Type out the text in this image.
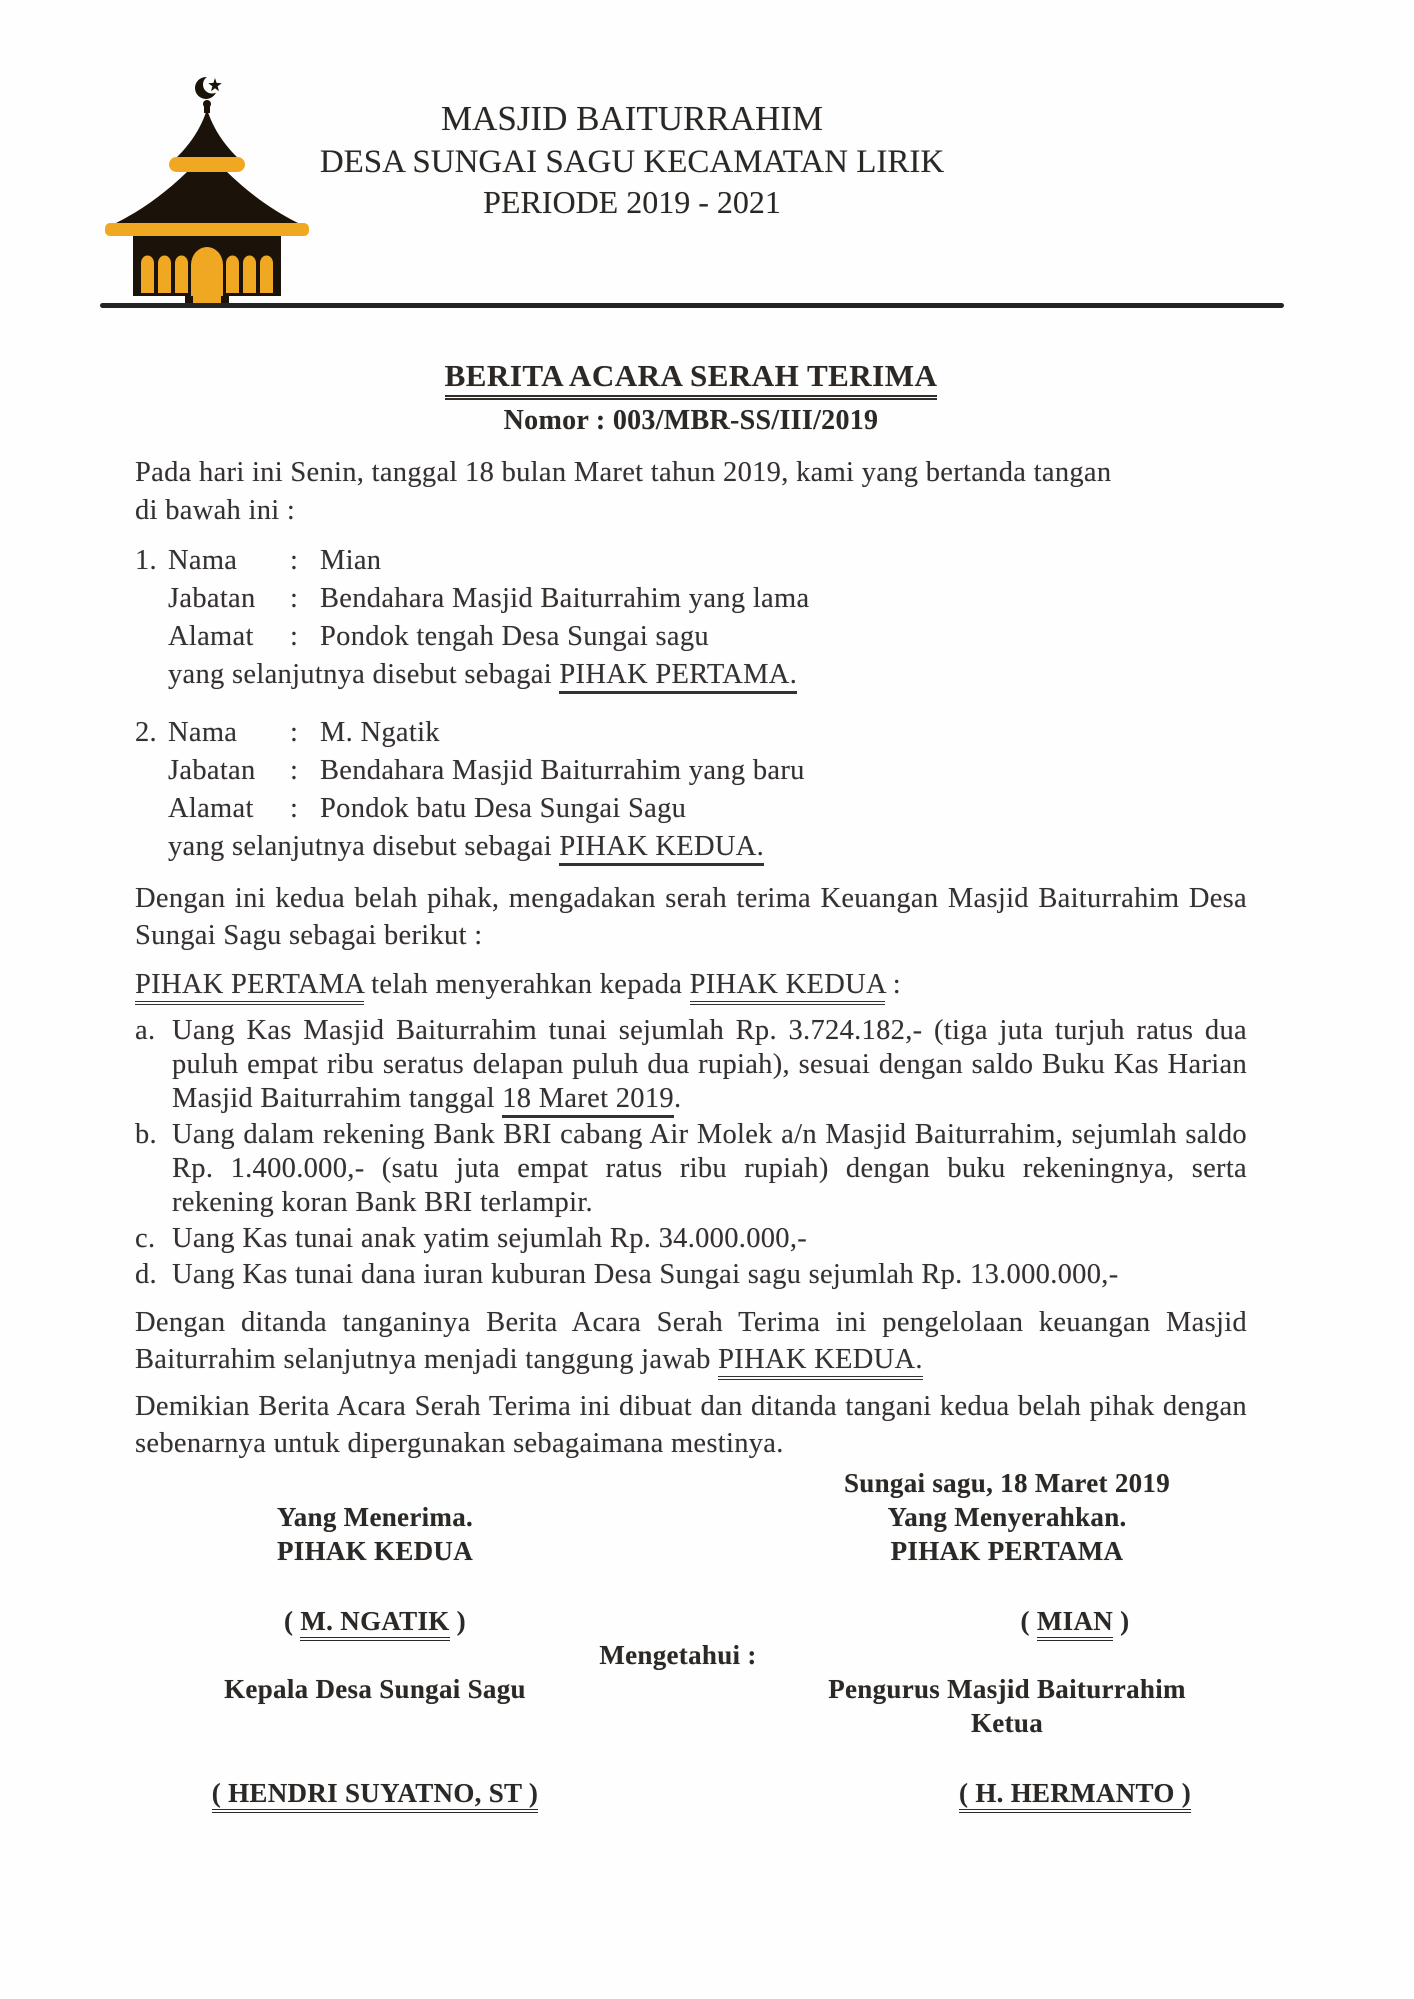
MASJID BAITURRAHIM
DESA SUNGAI SAGU KECAMATAN LIRIK
PERIODE 2019 - 2021
BERITA ACARA SERAH TERIMA
Nomor : 003/MBR-SS/III/2019
Pada hari ini Senin, tanggal 18 bulan Maret tahun 2019, kami yang bertanda tangan
di bawah ini :
1. Nama	: Mian
Jabatan	: Bendahara Masjid Baiturrahim yang lama
Alamat	: Pondok tengah Desa Sungai sagu
yang selanjutnya disebut sebagai PIHAK PERTAMA.
2. Nama	: M. Ngatik
Jabatan	: Bendahara Masjid Baiturrahim yang baru
Alamat	: Pondok batu Desa Sungai Sagu
yang selanjutnya disebut sebagai PIHAK KEDUA.
Dengan ini kedua belah pihak, mengadakan serah terima Keuangan Masjid Baiturrahim Desa Sungai Sagu sebagai berikut :
PIHAK PERTAMA telah menyerahkan kepada PIHAK KEDUA :
a. Uang Kas Masjid Baiturrahim tunai sejumlah Rp. 3.724.182,- (tiga juta turjuh ratus dua puluh empat ribu seratus delapan puluh dua rupiah), sesuai dengan saldo Buku Kas Harian Masjid Baiturrahim tanggal 18 Maret 2019.
b. Uang dalam rekening Bank BRI cabang Air Molek a/n Masjid Baiturrahim, sejumlah saldo Rp. 1.400.000,- (satu juta empat ratus ribu rupiah) dengan buku rekeningnya, serta rekening koran Bank BRI terlampir.
c. Uang Kas tunai anak yatim sejumlah Rp. 34.000.000,-
d. Uang Kas tunai dana iuran kuburan Desa Sungai sagu sejumlah Rp. 13.000.000,-
Dengan ditanda tanganinya Berita Acara Serah Terima ini pengelolaan keuangan Masjid Baiturrahim selanjutnya menjadi tanggung jawab PIHAK KEDUA.
Demikian Berita Acara Serah Terima ini dibuat dan ditanda tangani kedua belah pihak dengan sebenarnya untuk dipergunakan sebagaimana mestinya.
Sungai sagu, 18 Maret 2019
Yang Menerima.	Yang Menyerahkan.
PIHAK KEDUA	PIHAK PERTAMA
( M. NGATIK )	( MIAN )
Mengetahui :
Kepala Desa Sungai Sagu	Pengurus Masjid Baiturrahim
Ketua
( HENDRI SUYATNO, ST )	( H. HERMANTO )
